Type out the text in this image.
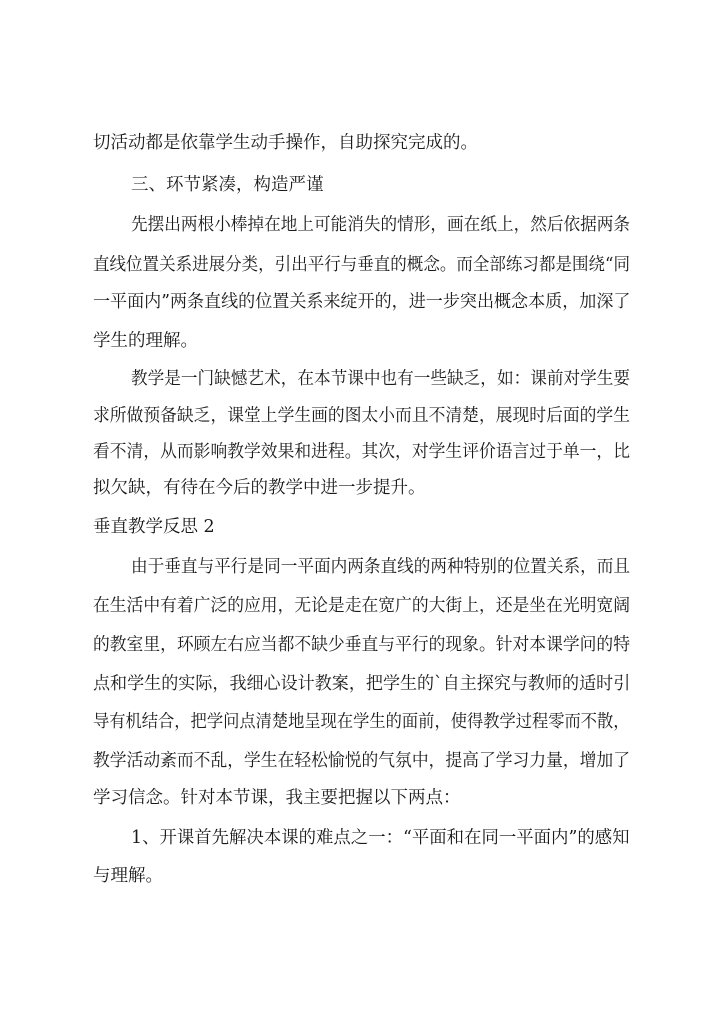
切活动都是依靠学生动手操作，自助探究完成的。
三、环节紧凑，构造严谨
先摆出两根小棒掉在地上可能消失的情形，画在纸上，然后依据两条
直线位置关系进展分类，引出平行与垂直的概念。而全部练习都是围绕“同
一平面内”两条直线的位置关系来绽开的，进一步突出概念本质，加深了
学生的理解。
教学是一门缺憾艺术，在本节课中也有一些缺乏，如：课前对学生要
求所做预备缺乏，课堂上学生画的图太小而且不清楚，展现时后面的学生
看不清，从而影响教学效果和进程。其次，对学生评价语言过于单一，比
拟欠缺，有待在今后的教学中进一步提升。
垂直教学反思 2
由于垂直与平行是同一平面内两条直线的两种特别的位置关系，而且
在生活中有着广泛的应用，无论是走在宽广的大街上，还是坐在光明宽阔
的教室里，环顾左右应当都不缺少垂直与平行的现象。针对本课学问的特
点和学生的实际，我细心设计教案，把学生的`自主探究与教师的适时引
导有机结合，把学问点清楚地呈现在学生的面前，使得教学过程零而不散，
教学活动紊而不乱，学生在轻松愉悦的气氛中，提高了学习力量，增加了
学习信念。针对本节课，我主要把握以下两点：
1、开课首先解决本课的难点之一：“平面和在同一平面内”的感知
与理解。
